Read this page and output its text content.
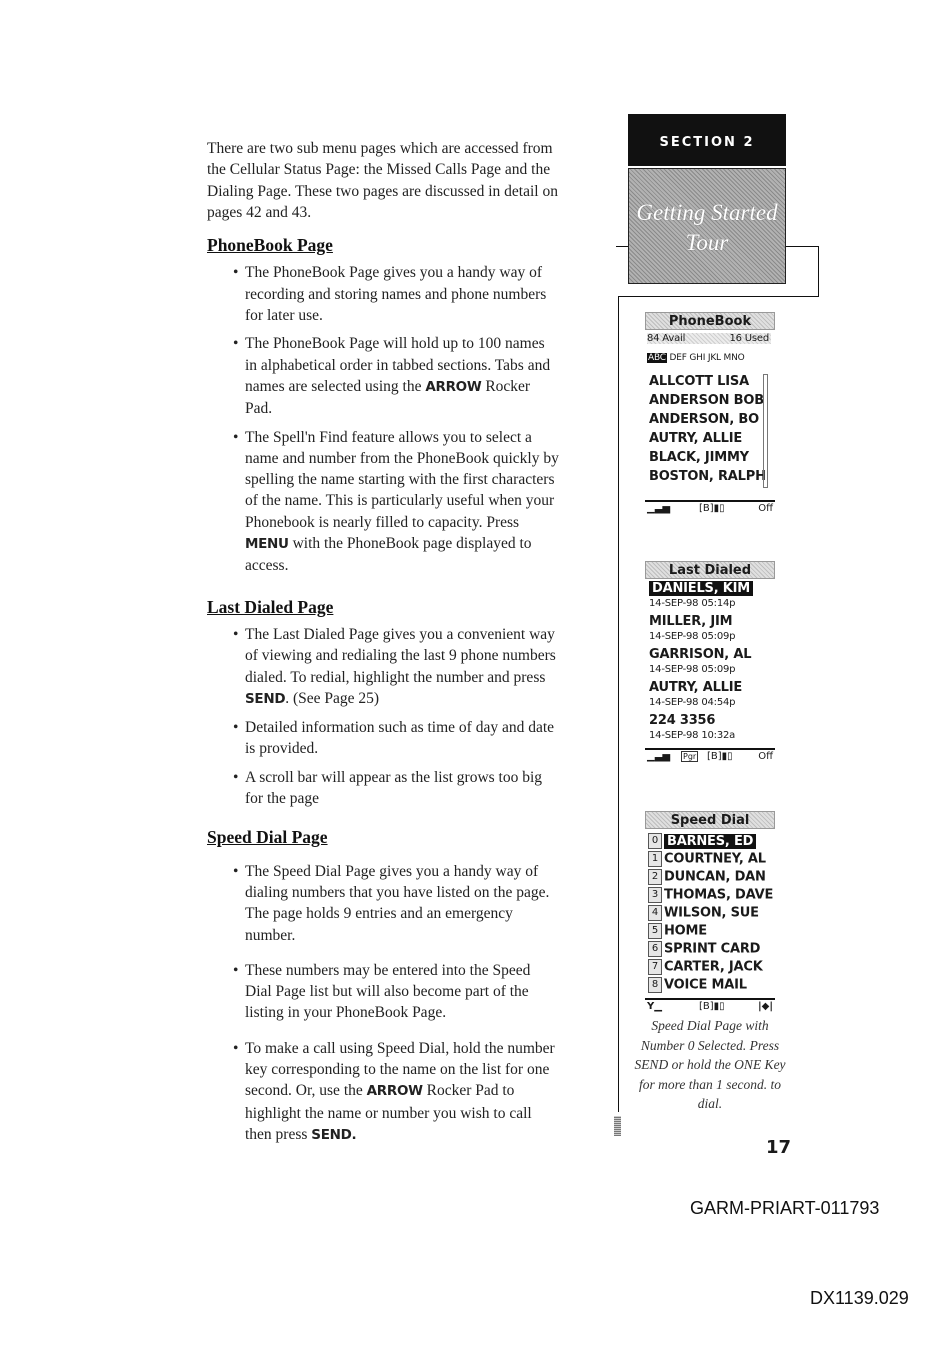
There are two sub menu pages which are accessed from the Cellular Status Page: the Missed Calls Page and the Dialing Page. These two pages are discussed in detail on pages 42 and 43.

PhoneBook Page
• The PhoneBook Page gives you a handy way of recording and storing names and phone numbers for later use.
• The PhoneBook Page will hold up to 100 names in alphabetical order in tabbed sections. Tabs and names are selected using the ARROW Rocker Pad.
• The Spell'n Find feature allows you to select a name and number from the PhoneBook quickly by spelling the name starting with the first characters of the name. This is particularly useful when your Phonebook is nearly filled to capacity. Press MENU with the PhoneBook page displayed to access.
Last Dialed Page
• The Last Dialed Page gives you a convenient way of viewing and redialing the last 9 phone numbers dialed. To redial, highlight the number and press SEND. (See Page 25)
• Detailed information such as time of day and date is provided.
• A scroll bar will appear as the list grows too big for the page
Speed Dial Page
• The Speed Dial Page gives you a handy way of dialing numbers that you have listed on the page. The page holds 9 entries and an emergency number.
• These numbers may be entered into the Speed Dial Page list but will also become part of the listing in your PhoneBook Page.
• To make a call using Speed Dial, hold the number key corresponding to the name on the list for one second. Or, use the ARROW Rocker Pad to highlight the name or number you wish to call then press SEND.
SECTION 2
Getting Started
Tour
PhoneBook
84 Avail	16 Used
ABC DEF GHI JKL MNO
ALLCOTT LISA
ANDERSON BOB
ANDERSON, BO
AUTRY, ALLIE
BLACK, JIMMY
BOSTON, RALPH
▁▃▅	[B]▮▯	Off
Last Dialed
DANIELS, KIM
14-SEP-98 05:14p
MILLER, JIM
14-SEP-98 05:09p
GARRISON, AL
14-SEP-98 05:09p
AUTRY, ALLIE
14-SEP-98 04:54p
224 3356
14-SEP-98 10:32a
▁▃▅ Pgr [B]▮▯	Off
Speed Dial
0 BARNES, ED
1 COURTNEY, AL
2 DUNCAN, DAN
3 THOMAS, DAVE
4 WILSON, SUE
5 HOME
6 SPRINT CARD
7 CARTER, JACK
8 VOICE MAIL
Y▁	[B]▮▯	|◆|
Speed Dial Page with Number 0 Selected. Press SEND or hold the ONE Key for more than 1 second. to dial.
17
GARM-PRIART-011793
DX1139.029
